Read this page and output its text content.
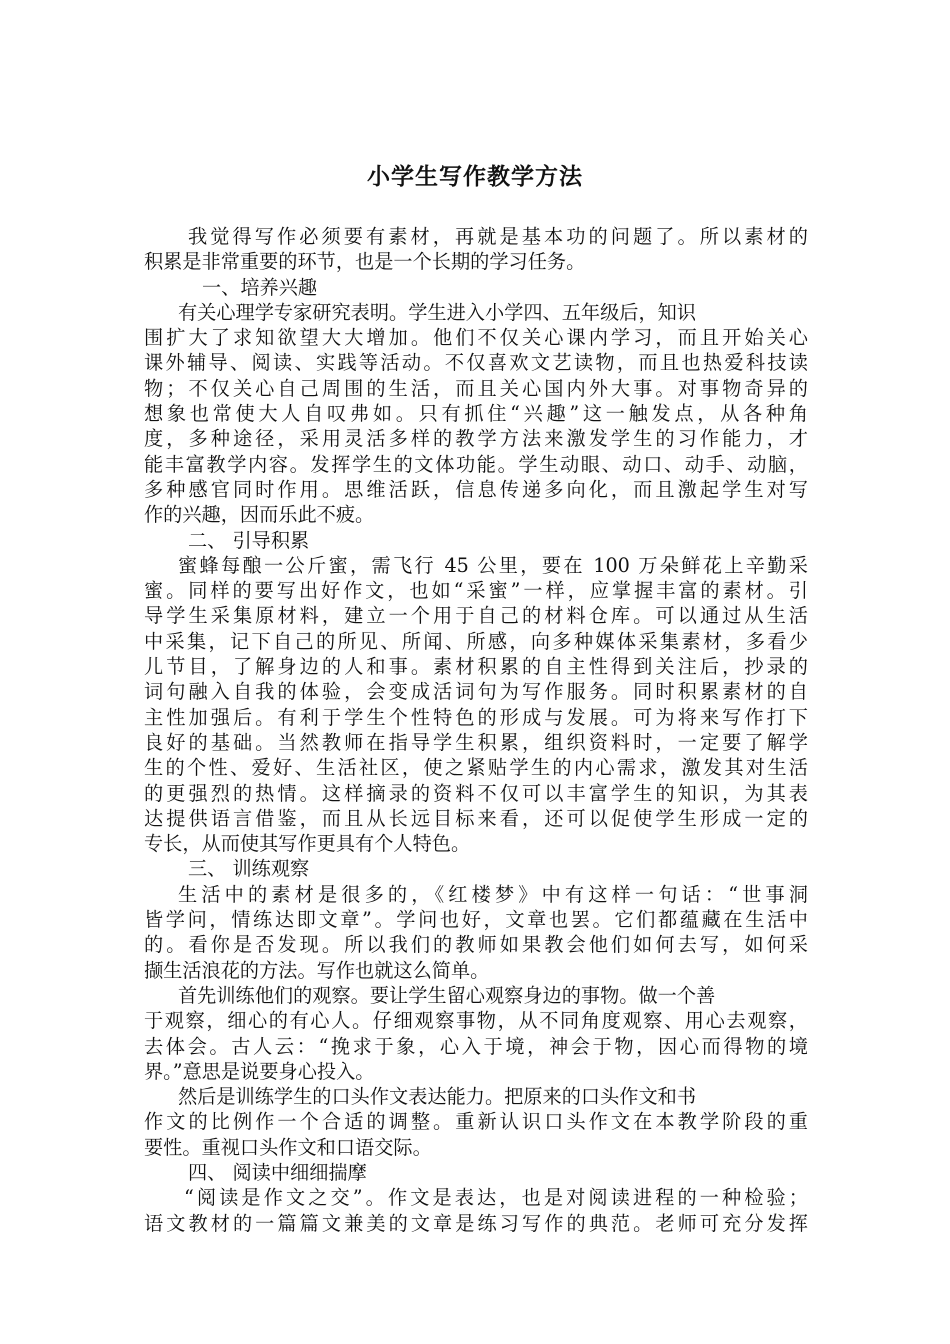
小学生写作教学方法
我觉得写作必须要有素材，再就是基本功的问题了。所以素材的
积累是非常重要的环节，也是一个长期的学习任务。
一、培养兴趣
有关心理学专家研究表明。学生进入小学四、五年级后，知识
围扩大了求知欲望大大增加。他们不仅关心课内学习，而且开始关心
课外辅导、阅读、实践等活动。不仅喜欢文艺读物，而且也热爱科技读
物；不仅关心自己周围的生活，而且关心国内外大事。对事物奇异的
想象也常使大人自叹弗如。只有抓住“兴趣”这一触发点，从各种角
度，多种途径，采用灵活多样的教学方法来激发学生的习作能力，才
能丰富教学内容。发挥学生的文体功能。学生动眼、动口、动手、动脑，
多种感官同时作用。思维活跃，信息传递多向化，而且激起学生对写
作的兴趣，因而乐此不疲。
二、 引导积累
蜜蜂每酿一公斤蜜，需飞行 45 公里，要在 100 万朵鲜花上辛勤采
蜜。同样的要写出好作文，也如“采蜜”一样，应掌握丰富的素材。引
导学生采集原材料，建立一个用于自己的材料仓库。可以通过从生活
中采集，记下自己的所见、所闻、所感，向多种媒体采集素材，多看少
儿节目，了解身边的人和事。素材积累的自主性得到关注后，抄录的
词句融入自我的体验，会变成活词句为写作服务。同时积累素材的自
主性加强后。有利于学生个性特色的形成与发展。可为将来写作打下
良好的基础。当然教师在指导学生积累，组织资料时，一定要了解学
生的个性、爱好、生活社区，使之紧贴学生的内心需求，激发其对生活
的更强烈的热情。这样摘录的资料不仅可以丰富学生的知识，为其表
达提供语言借鉴，而且从长远目标来看，还可以促使学生形成一定的
专长，从而使其写作更具有个人特色。
三、 训练观察
生活中的素材是很多的，《红楼梦》中有这样一句话：“世事洞
皆学问，情练达即文章”。学问也好，文章也罢。它们都蕴藏在生活中
的。看你是否发现。所以我们的教师如果教会他们如何去写，如何采
撷生活浪花的方法。写作也就这么简单。
首先训练他们的观察。要让学生留心观察身边的事物。做一个善
于观察，细心的有心人。仔细观察事物，从不同角度观察、用心去观察，
去体会。古人云：“挽求于象，心入于境，神会于物，因心而得物的境
界。”意思是说要身心投入。
然后是训练学生的口头作文表达能力。把原来的口头作文和书
作文的比例作一个合适的调整。重新认识口头作文在本教学阶段的重
要性。重视口头作文和口语交际。
四、 阅读中细细揣摩
“阅读是作文之交”。作文是表达，也是对阅读进程的一种检验；
语文教材的一篇篇文兼美的文章是练习写作的典范。老师可充分发挥
